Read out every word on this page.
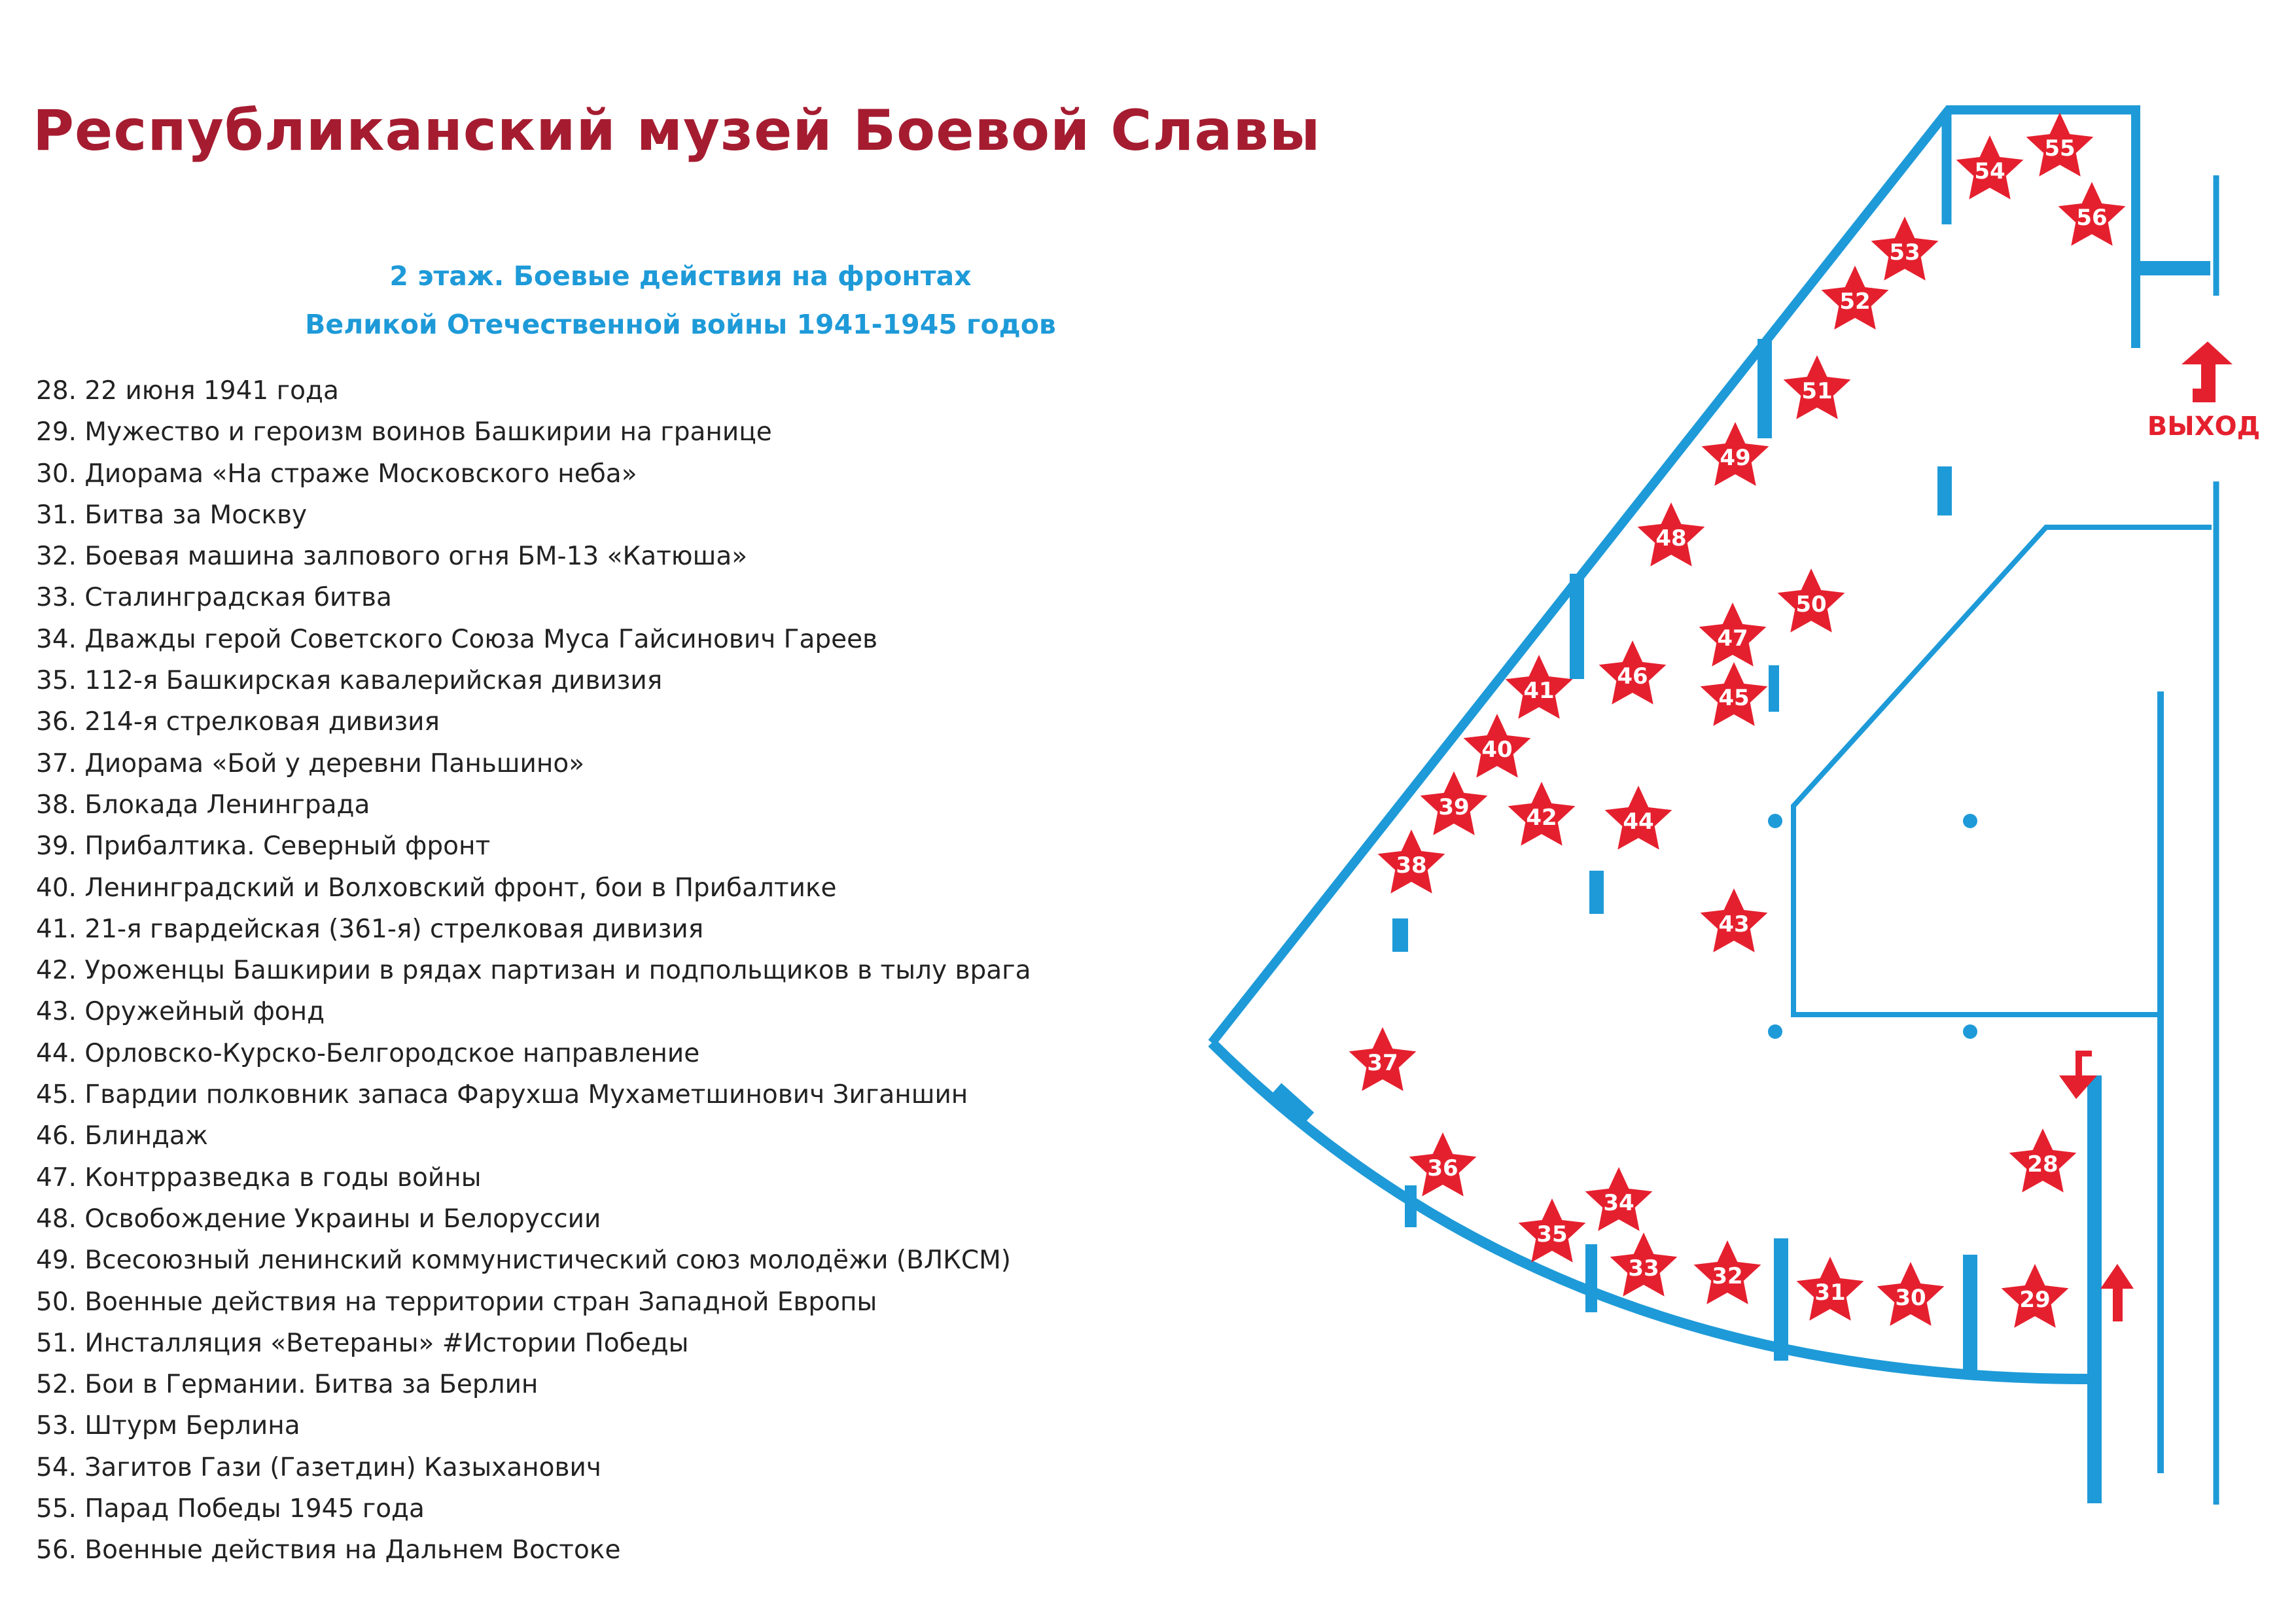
Республиканский музей Боевой Славы
2 этаж. Боевые действия на фронтах
Великой Отечественной войны 1941-1945 годов
28. 22 июня 1941 года
29. Мужество и героизм воинов Башкирии на границе
30. Диорама «На страже Московского неба»
31. Битва за Москву
32. Боевая машина залпового огня БМ-13 «Катюша»
33. Сталинградская битва
34. Дважды герой Советского Союза Муса Гайсинович Гареев
35. 112-я Башкирская кавалерийская дивизия
36. 214-я стрелковая дивизия
37. Диорама «Бой у деревни Паньшино»
38. Блокада Ленинграда
39. Прибалтика. Северный фронт
40. Ленинградский и Волховский фронт, бои в Прибалтике
41. 21-я гвардейская (361-я) стрелковая дивизия
42. Уроженцы Башкирии в рядах партизан и подпольщиков в тылу врага
43. Оружейный фонд
44. Орловско-Курско-Белгородское направление
45. Гвардии полковник запаса Фарухша Мухаметшинович Зиганшин
46. Блиндаж
47. Контрразведка в годы войны
48. Освобождение Украины и Белоруссии
49. Всесоюзный ленинский коммунистический союз молодёжи (ВЛКСМ)
50. Военные действия на территории стран Западной Европы
51. Инсталляция «Ветераны» #Истории Победы
52. Бои в Германии. Битва за Берлин
53. Штурм Берлина
54. Загитов Гази (Газетдин) Казыханович
55. Парад Победы 1945 года
56. Военные действия на Дальнем Востоке
ВЫХОД
28
29
30
31
32
33
34
35
36
37
38
39
40
41
42
43
44
45
46
47
48
49
50
51
52
53
54
55
56
